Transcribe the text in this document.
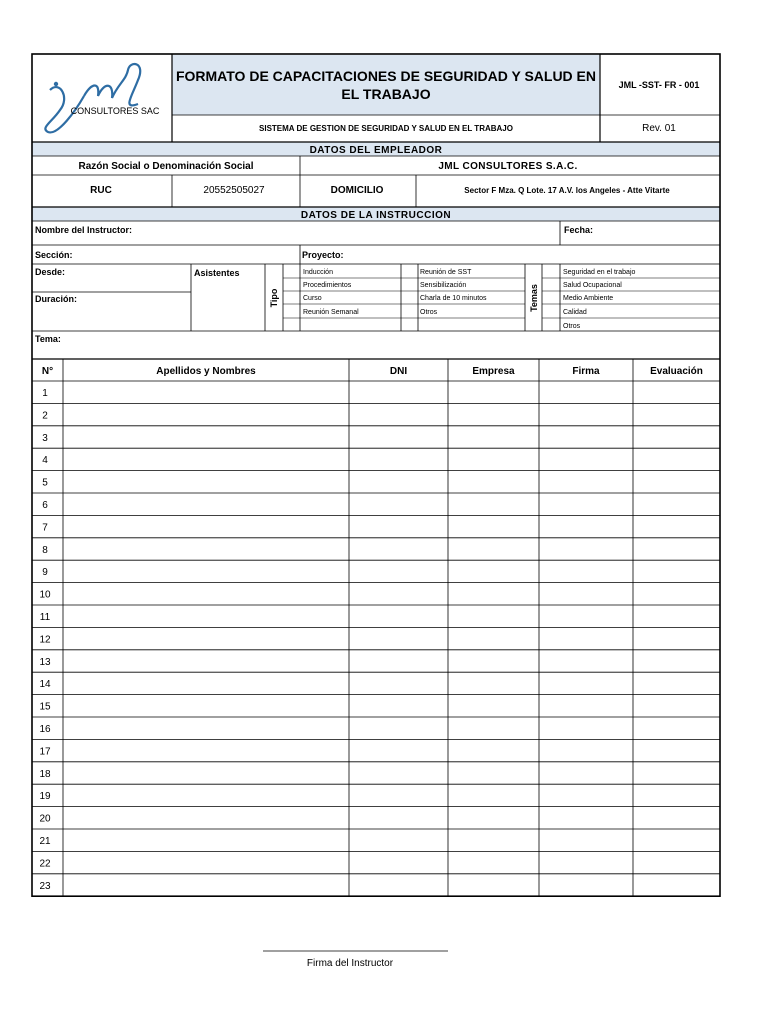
CONSULTORES SAC
FORMATO DE CAPACITACIONES DE SEGURIDAD Y SALUD EN
EL TRABAJO
JML -SST- FR - 001
SISTEMA DE GESTION DE SEGURIDAD Y SALUD EN EL TRABAJO	Rev. 01
DATOS DEL EMPLEADOR
Razón Social o Denominación Social	JML CONSULTORES S.A.C.
RUC	20552505027	DOMICILIO	Sector F Mza. Q Lote. 17 A.V. los Angeles - Atte Vitarte
DATOS DE LA INSTRUCCION
Nombre del Instructor:	Fecha:
Sección:	Proyecto:
Desde:
Duración:
Asistentes
Tipo	Temas
Inducción
Procedimientos
Curso
Reunión Semanal
Reunión de SST
Sensibilización
Charla de 10 minutos
Otros
Seguridad en el trabajo
Salud Ocupacional
Medio Ambiente
Calidad
Otros
Tema:
N°	Apellidos y Nombres	DNI	Empresa	Firma	Evaluación
1
2
3
4
5
6
7
8
9
10
11
12
13
14
15
16
17
18
19
20
21
22
23
Firma del Instructor
